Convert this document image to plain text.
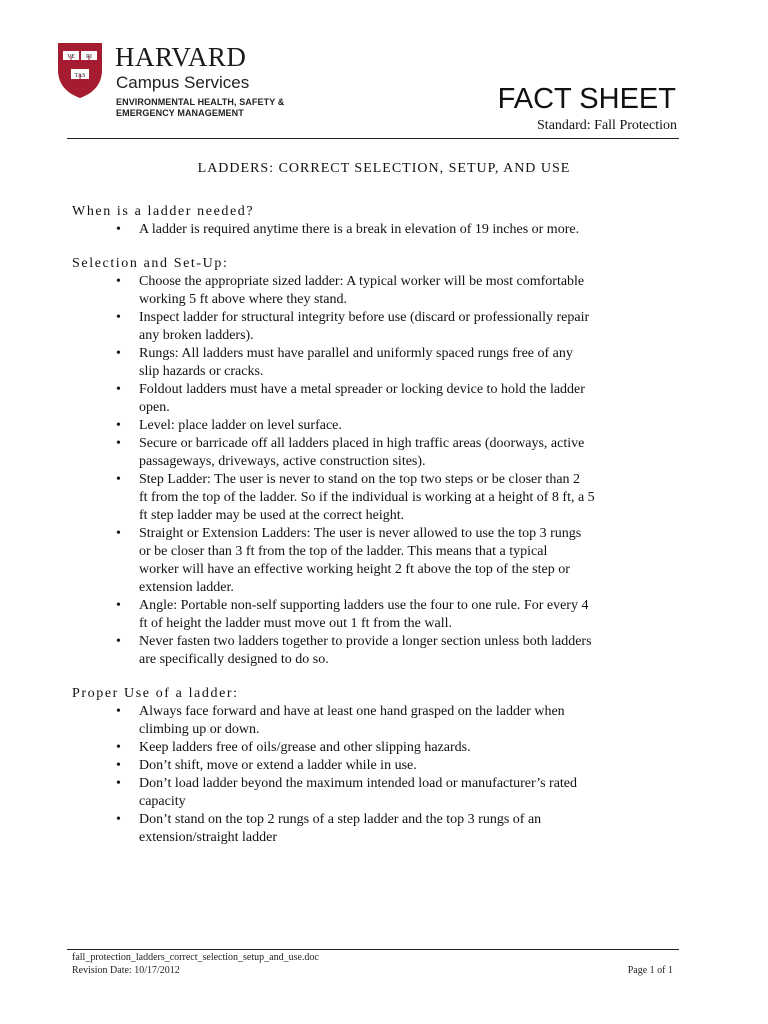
VE RI
TAS
HARVARD
Campus Services
ENVIRONMENTAL HEALTH, SAFETY &
EMERGENCY MANAGEMENT	FACT SHEET
Standard: Fall Protection
LADDERS: CORRECT SELECTION, SETUP, AND USE
When is a ladder needed?
• A ladder is required anytime there is a break in elevation of 19 inches or more.
Selection and Set-Up:
• Choose the appropriate sized ladder: A typical worker will be most comfortable
working 5 ft above where they stand.
• Inspect ladder for structural integrity before use (discard or professionally repair
any broken ladders).
• Rungs: All ladders must have parallel and uniformly spaced rungs free of any
slip hazards or cracks.
• Foldout ladders must have a metal spreader or locking device to hold the ladder
open.
• Level: place ladder on level surface.
• Secure or barricade off all ladders placed in high traffic areas (doorways, active
passageways, driveways, active construction sites).
• Step Ladder: The user is never to stand on the top two steps or be closer than 2
ft from the top of the ladder. So if the individual is working at a height of 8 ft, a 5
ft step ladder may be used at the correct height.
• Straight or Extension Ladders: The user is never allowed to use the top 3 rungs
or be closer than 3 ft from the top of the ladder. This means that a typical
worker will have an effective working height 2 ft above the top of the step or
extension ladder.
• Angle: Portable non-self supporting ladders use the four to one rule. For every 4
ft of height the ladder must move out 1 ft from the wall.
• Never fasten two ladders together to provide a longer section unless both ladders
are specifically designed to do so.
Proper Use of a ladder:
• Always face forward and have at least one hand grasped on the ladder when
climbing up or down.
• Keep ladders free of oils/grease and other slipping hazards.
• Don’t shift, move or extend a ladder while in use.
• Don’t load ladder beyond the maximum intended load or manufacturer’s rated
capacity
• Don’t stand on the top 2 rungs of a step ladder and the top 3 rungs of an
extension/straight ladder
fall_protection_ladders_correct_selection_setup_and_use.doc
Revision Date: 10/17/2012	Page 1 of 1
